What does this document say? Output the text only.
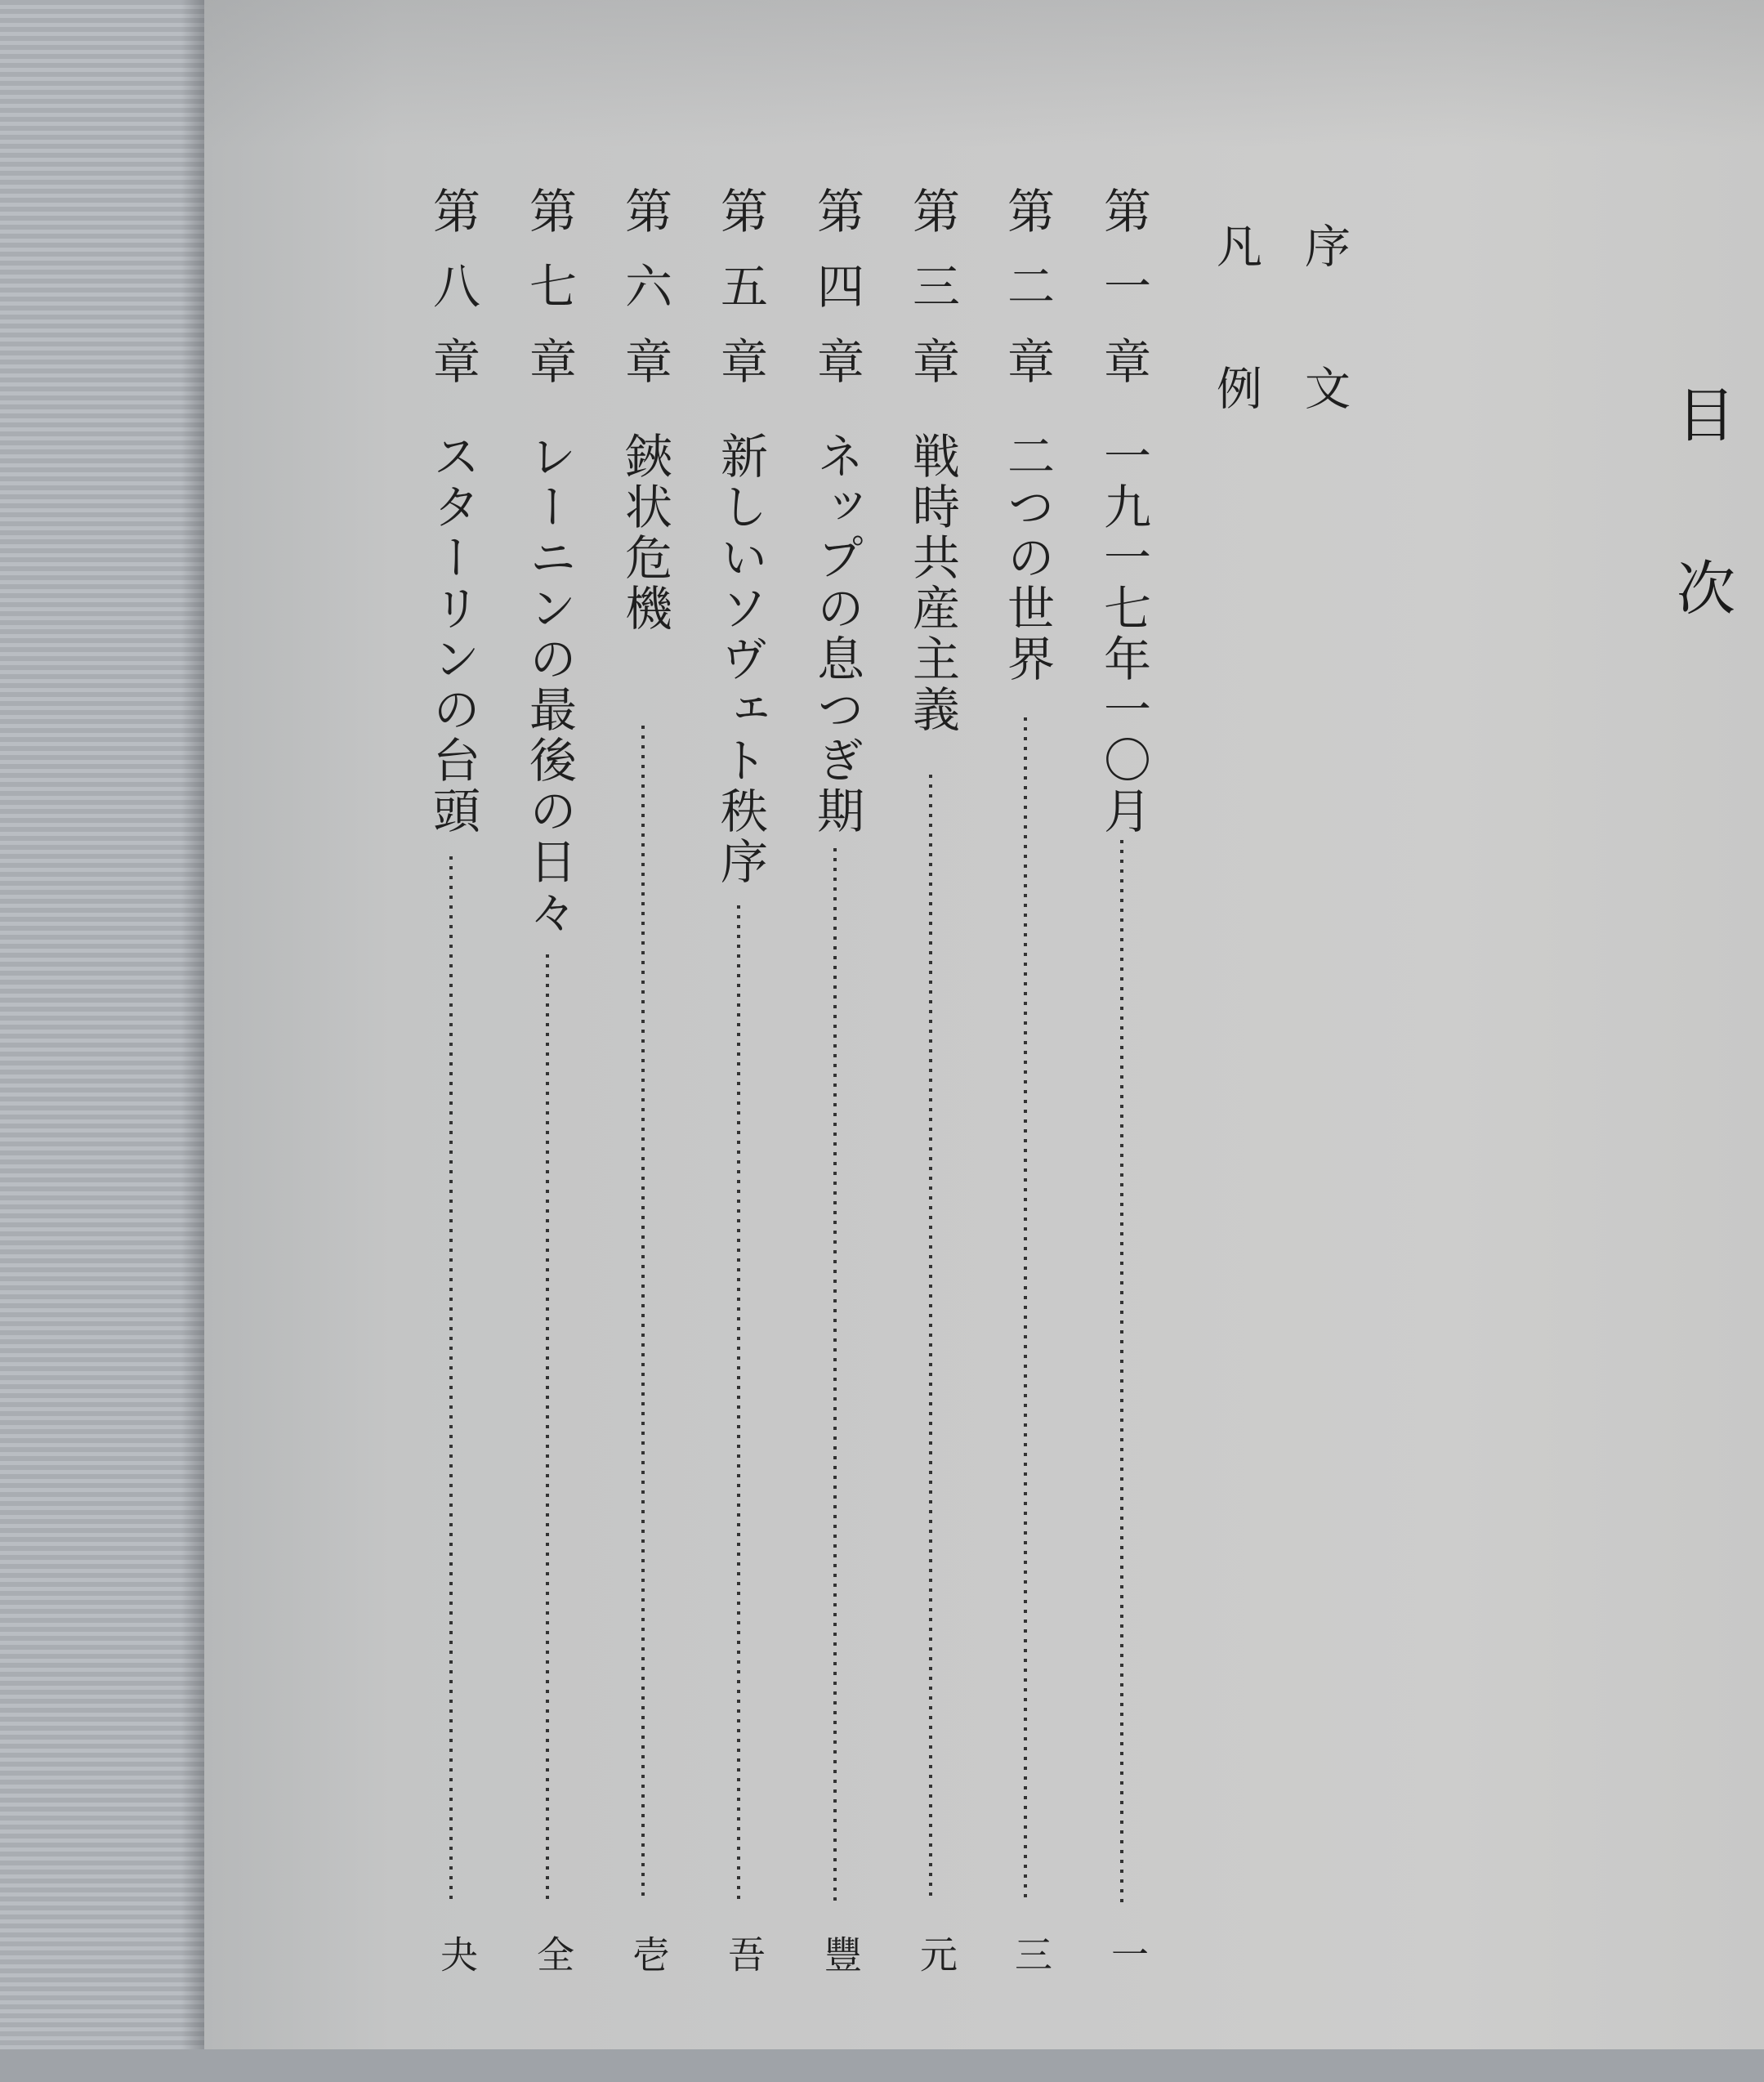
目次
序文
凡例
第一章
一九一七年一〇月
一
第二章
二つの世界
三
第三章
戦時共産主義
元
第四章
ネップの息つぎ期
豐
第五章
新しいソヴェト秩序
吾
第六章
鋏状危機
壱
第七章
レーニンの最後の日々
全
第八章
スターリンの台頭
夬
